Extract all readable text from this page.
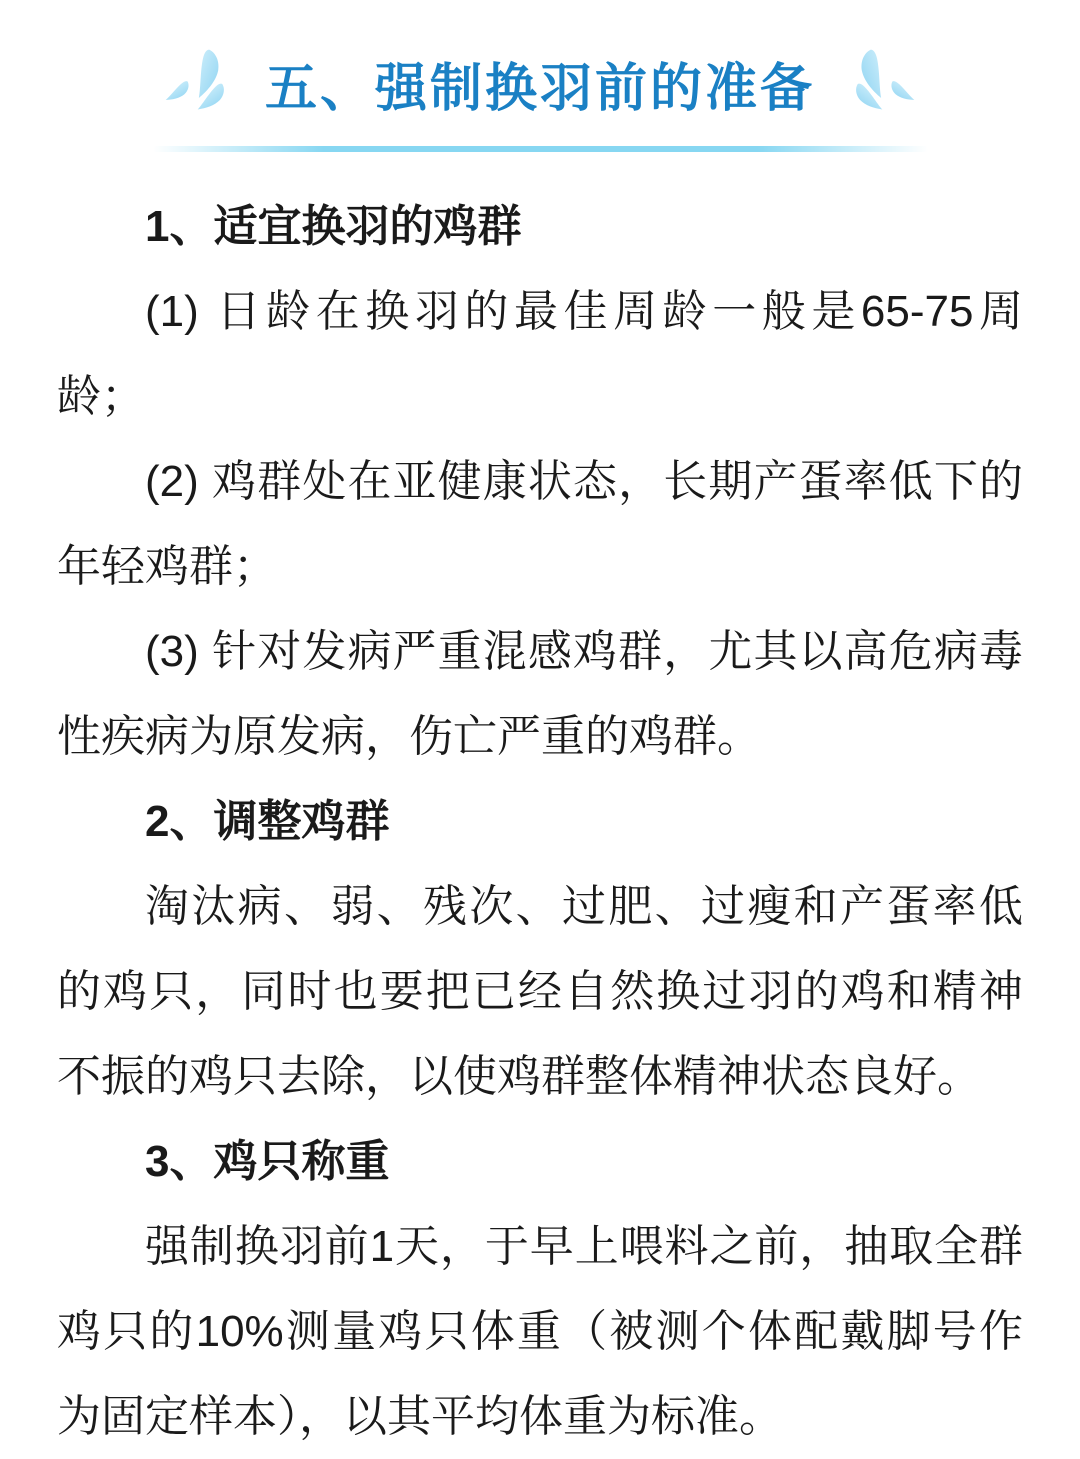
五、强制换羽前的准备
1、适宜换羽的鸡群

(1) 日龄在换羽的最佳周龄一般是65-75周龄；

(2) 鸡群处在亚健康状态，长期产蛋率低下的年轻鸡群；

(3) 针对发病严重混感鸡群，尤其以高危病毒性疾病为原发病，伤亡严重的鸡群。

2、调整鸡群

淘汰病、弱、残次、过肥、过瘦和产蛋率低的鸡只，同时也要把已经自然换过羽的鸡和精神不振的鸡只去除，以使鸡群整体精神状态良好。

3、鸡只称重

强制换羽前1天，于早上喂料之前，抽取全群鸡只的10%测量鸡只体重（被测个体配戴脚号作为固定样本），以其平均体重为标准。
